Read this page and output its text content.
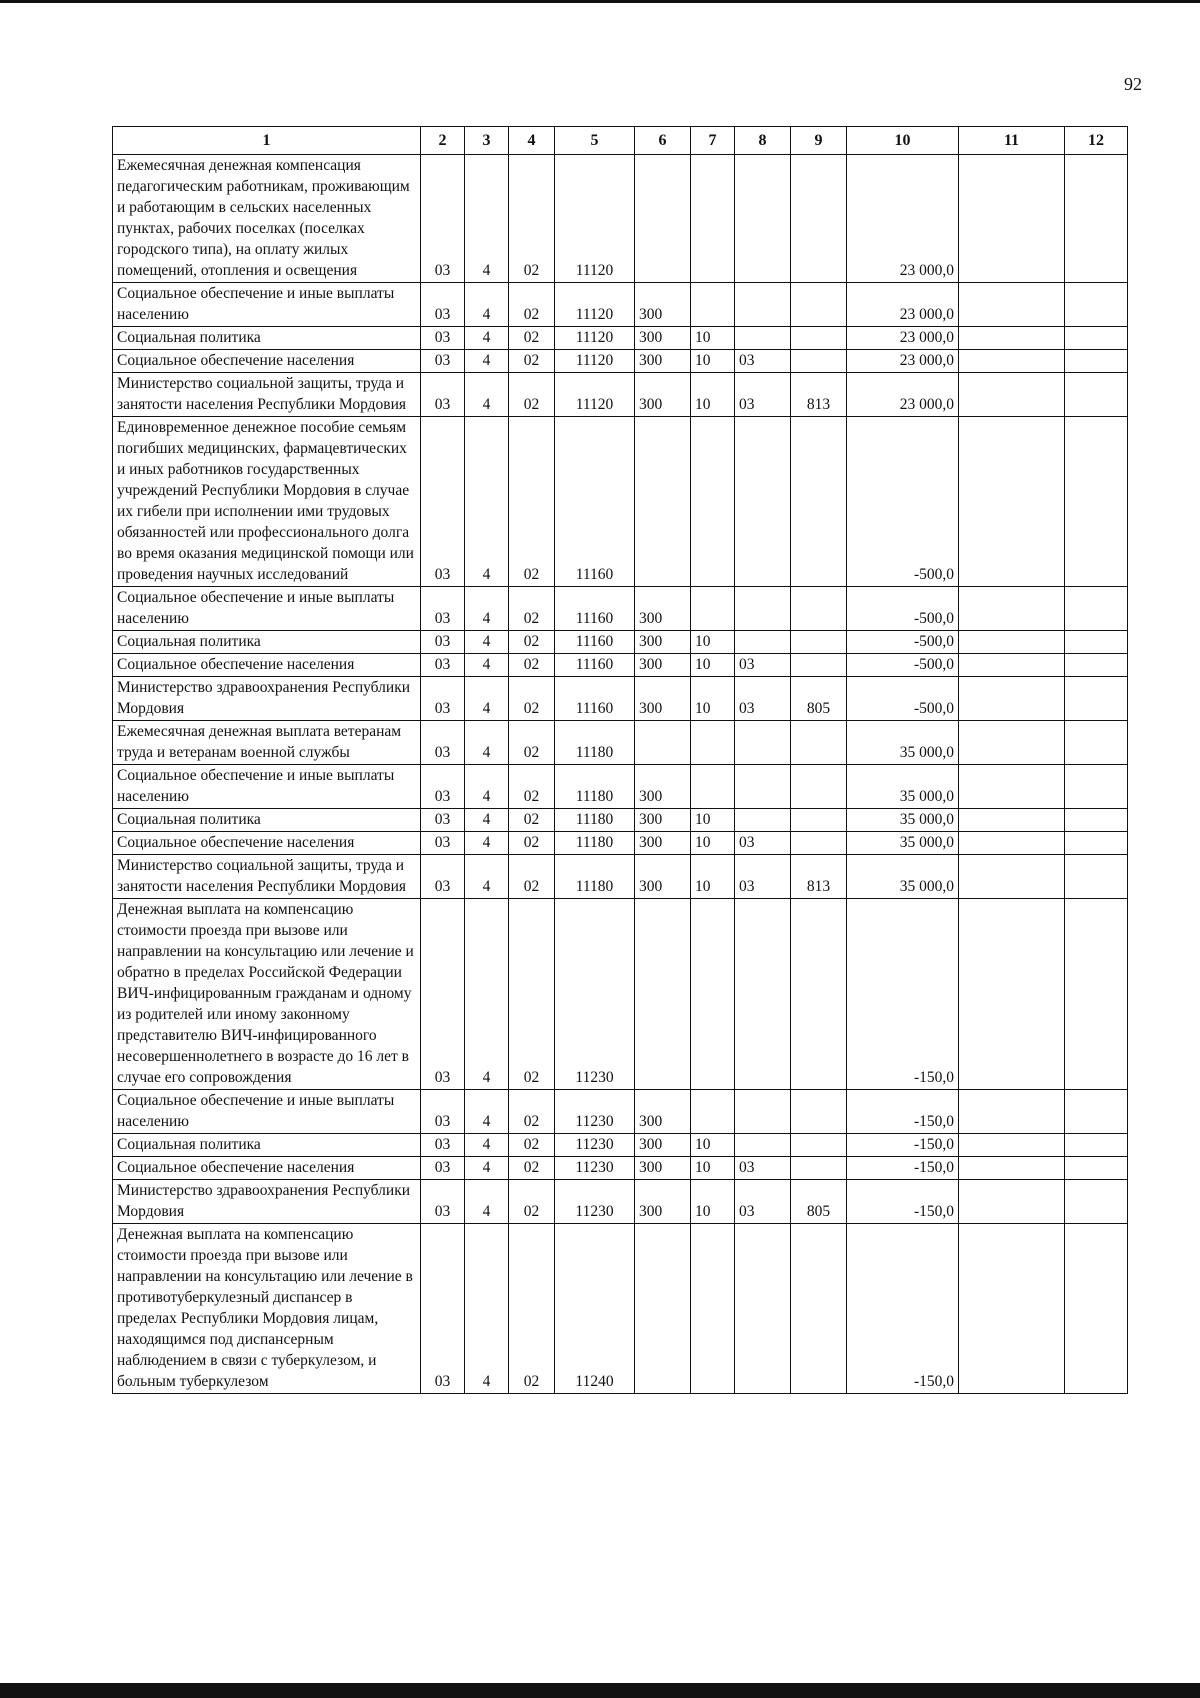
92
1	2	3	4	5	6	7	8	9	10	11	12
Ежемесячная денежная компенсация педагогическим работникам, проживающим и работающим в сельских населенных пунктах, рабочих поселках (поселках городского типа), на оплату жилых помещений, отопления и освещения	03	4	02	11120					23 000,0		
Социальное обеспечение и иные выплаты населению	03	4	02	11120	300				23 000,0		
Социальная политика	03	4	02	11120	300	10			23 000,0		
Социальное обеспечение населения	03	4	02	11120	300	10	03		23 000,0		
Министерство социальной защиты, труда и занятости населения Республики Мордовия	03	4	02	11120	300	10	03	813	23 000,0		
Единовременное денежное пособие семьям погибших медицинских, фармацевтических и иных работников государственных учреждений Республики Мордовия в случае их гибели при исполнении ими трудовых обязанностей или профессионального долга во время оказания медицинской помощи или проведения научных исследований	03	4	02	11160					-500,0		
Социальное обеспечение и иные выплаты населению	03	4	02	11160	300				-500,0		
Социальная политика	03	4	02	11160	300	10			-500,0		
Социальное обеспечение населения	03	4	02	11160	300	10	03		-500,0		
Министерство здравоохранения Республики Мордовия	03	4	02	11160	300	10	03	805	-500,0		
Ежемесячная денежная выплата ветеранам труда и ветеранам военной службы	03	4	02	11180					35 000,0		
Социальное обеспечение и иные выплаты населению	03	4	02	11180	300				35 000,0		
Социальная политика	03	4	02	11180	300	10			35 000,0		
Социальное обеспечение населения	03	4	02	11180	300	10	03		35 000,0		
Министерство социальной защиты, труда и занятости населения Республики Мордовия	03	4	02	11180	300	10	03	813	35 000,0		
Денежная выплата на компенсацию стоимости проезда при вызове или направлении на консультацию или лечение и обратно в пределах Российской Федерации ВИЧ-инфицированным гражданам и одному из родителей или иному законному представителю ВИЧ-инфицированного несовершеннолетнего в возрасте до 16 лет в случае его сопровождения	03	4	02	11230					-150,0		
Социальное обеспечение и иные выплаты населению	03	4	02	11230	300				-150,0		
Социальная политика	03	4	02	11230	300	10			-150,0		
Социальное обеспечение населения	03	4	02	11230	300	10	03		-150,0		
Министерство здравоохранения Республики Мордовия	03	4	02	11230	300	10	03	805	-150,0		
Денежная выплата на компенсацию стоимости проезда при вызове или направлении на консультацию или лечение в противотуберкулезный диспансер в пределах Республики Мордовия лицам, находящимся под диспансерным наблюдением в связи с туберкулезом, и больным туберкулезом	03	4	02	11240					-150,0		
